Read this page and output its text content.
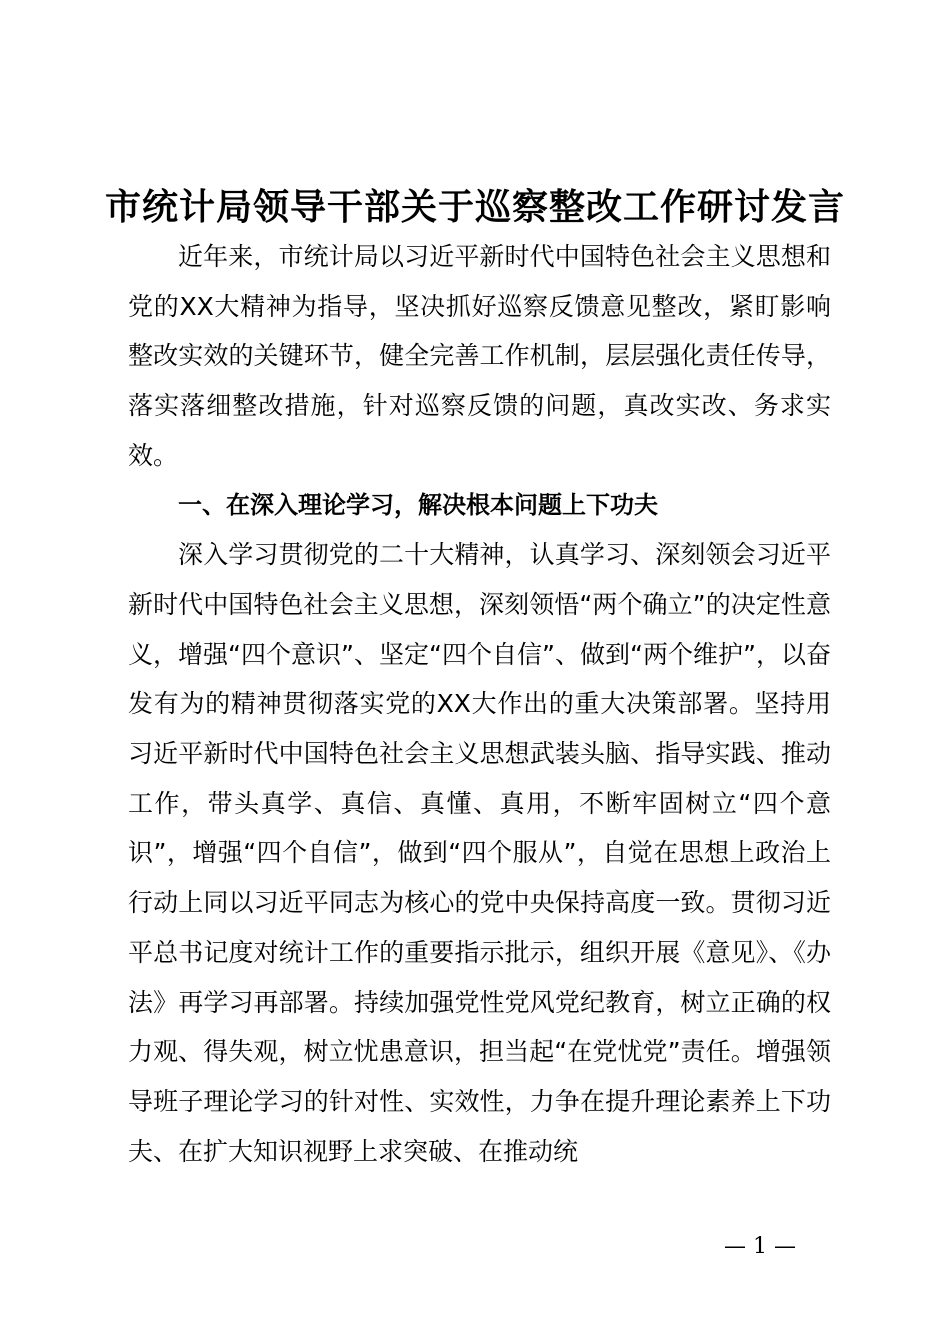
市统计局领导干部关于巡察整改工作研讨发言

近年来，市统计局以习近平新时代中国特色社会主义思想和党的XX大精神为指导，坚决抓好巡察反馈意见整改，紧盯影响整改实效的关键环节，健全完善工作机制，层层强化责任传导，落实落细整改措施，针对巡察反馈的问题，真改实改、务求实效。

一、在深入理论学习，解决根本问题上下功夫

深入学习贯彻党的二十大精神，认真学习、深刻领会习近平新时代中国特色社会主义思想，深刻领悟“两个确立”的决定性意义，增强“四个意识”、坚定“四个自信”、做到“两个维护”，以奋发有为的精神贯彻落实党的XX大作出的重大决策部署。坚持用习近平新时代中国特色社会主义思想武装头脑、指导实践、推动工作，带头真学、真信、真懂、真用，不断牢固树立“四个意识”，增强“四个自信”，做到“四个服从”，自觉在思想上政治上行动上同以习近平同志为核心的党中央保持高度一致。贯彻习近平总书记度对统计工作的重要指示批示，组织开展《意见》、《办法》再学习再部署。持续加强党性党风党纪教育，树立正确的权力观、得失观，树立忧患意识，担当起“在党忧党”责任。增强领导班子理论学习的针对性、实效性，力争在提升理论素养上下功夫、在扩大知识视野上求突破、在推动统

— 1 —
